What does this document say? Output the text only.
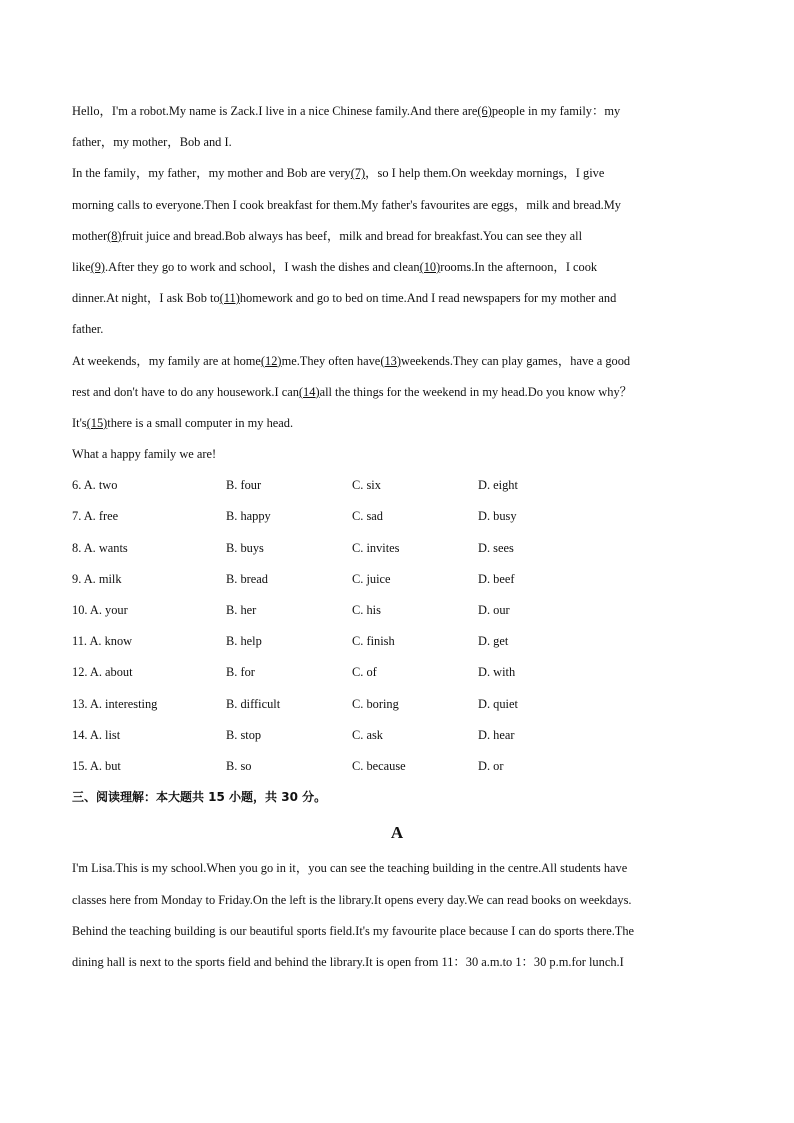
Hello，I'm a robot.My name is Zack.I live in a nice Chinese family.And there are(6)people in my family：my
father，my mother，Bob and I.
In the family，my father，my mother and Bob are very(7)，so I help them.On weekday mornings，I give
morning calls to everyone.Then I cook breakfast for them.My father's favourites are eggs，milk and bread.My
mother(8)fruit juice and bread.Bob always has beef，milk and bread for breakfast.You can see they all
like(9).After they go to work and school，I wash the dishes and clean(10)rooms.In the afternoon，I cook
dinner.At night，I ask Bob to(11)homework and go to bed on time.And I read newspapers for my mother and
father.
At weekends，my family are at home(12)me.They often have(13)weekends.They can play games，have a good
rest and don't have to do any housework.I can(14)all the things for the weekend in my head.Do you know why？
It's(15)there is a small computer in my head.
What a happy family we are!
6. A. two	B. four	C. six	D. eight
7. A. free	B. happy	C. sad	D. busy
8. A. wants	B. buys	C. invites	D. sees
9. A. milk	B. bread	C. juice	D. beef
10. A. your	B. her	C. his	D. our
11. A. know	B. help	C. finish	D. get
12. A. about	B. for	C. of	D. with
13. A. interesting	B. difficult	C. boring	D. quiet
14. A. list	B. stop	C. ask	D. hear
15. A. but	B. so	C. because	D. or
三、阅读理解：本大题共 15 小题，共 30 分。
A
I'm Lisa.This is my school.When you go in it，you can see the teaching building in the centre.All students have
classes here from Monday to Friday.On the left is the library.It opens every day.We can read books on weekdays.
Behind the teaching building is our beautiful sports field.It's my favourite place because I can do sports there.The
dining hall is next to the sports field and behind the library.It is open from 11：30 a.m.to 1：30 p.m.for lunch.I
